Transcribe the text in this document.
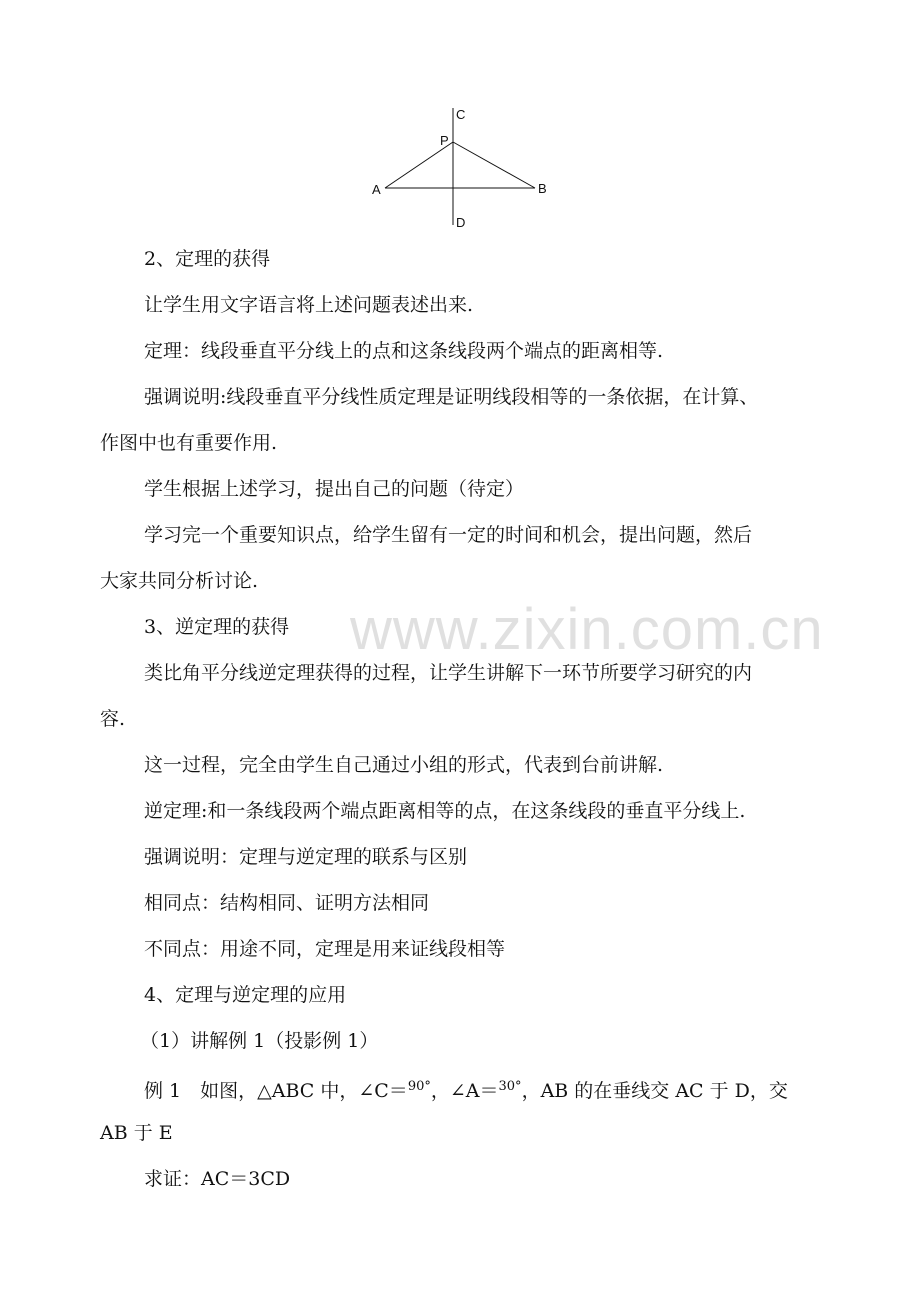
C
P
A	B
D
2、定理的获得
让学生用文字语言将上述问题表述出来.
定理：线段垂直平分线上的点和这条线段两个端点的距离相等.
强调说明:线段垂直平分线性质定理是证明线段相等的一条依据，在计算、
作图中也有重要作用.
学生根据上述学习，提出自己的问题（待定）
学习完一个重要知识点，给学生留有一定的时间和机会，提出问题，然后
大家共同分析讨论.
3、逆定理的获得
类比角平分线逆定理获得的过程，让学生讲解下一环节所要学习研究的内
容.
这一过程，完全由学生自己通过小组的形式，代表到台前讲解.
逆定理:和一条线段两个端点距离相等的点，在这条线段的垂直平分线上.
强调说明：定理与逆定理的联系与区别
相同点：结构相同、证明方法相同
不同点：用途不同，定理是用来证线段相等
4、定理与逆定理的应用
（1）讲解例 1（投影例 1）
例 1　如图，△ABC 中，∠C＝$^{90^\circ}$，∠A＝$^{30^\circ}$，AB 的在垂线交 AC 于 D，交
AB 于 E
求证：AC＝3CD
www.zixin.com.cn
